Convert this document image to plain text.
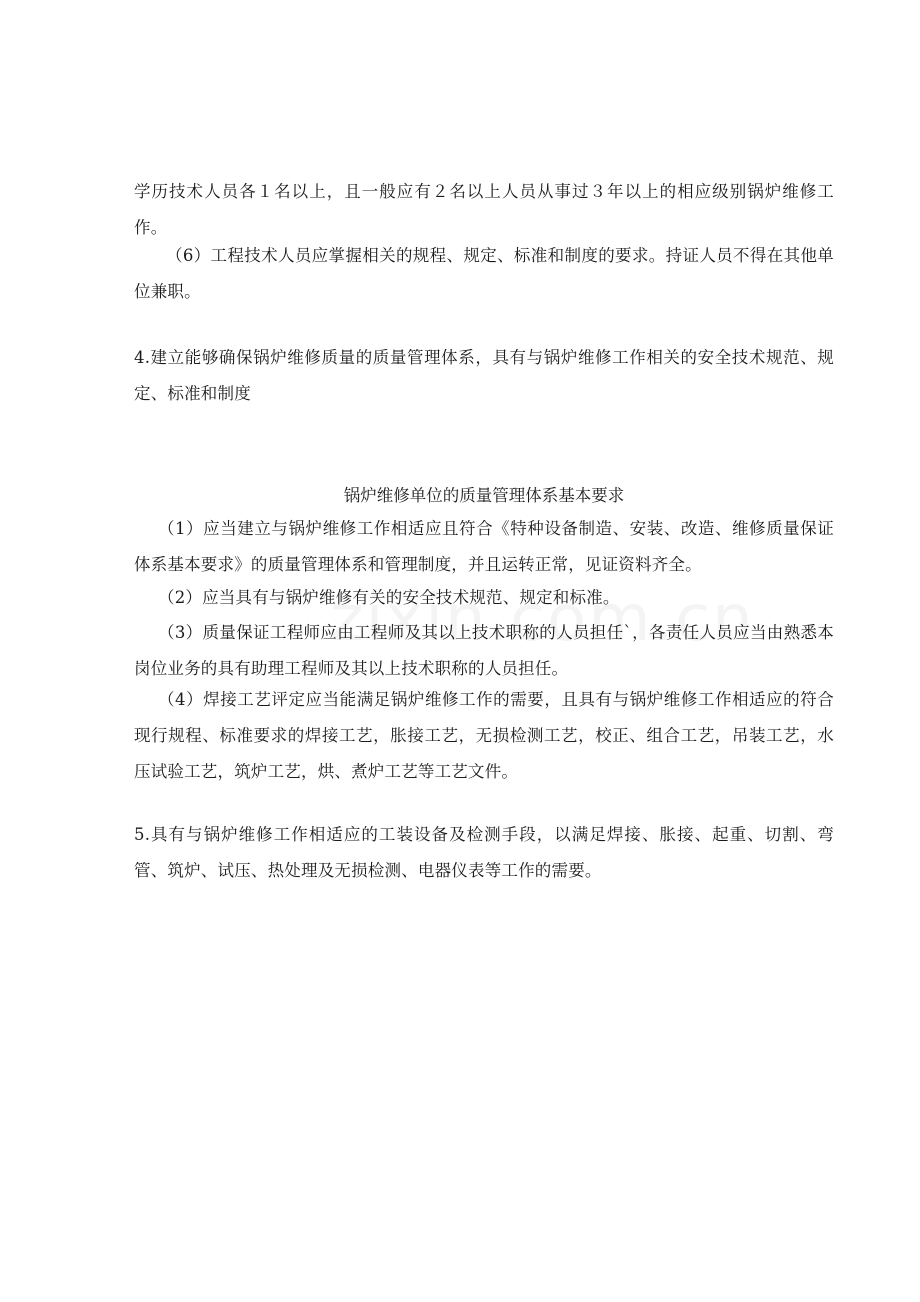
学历技术人员各１名以上，且一般应有２名以上人员从事过３年以上的相应级别锅炉维修工作。
（6）工程技术人员应掌握相关的规程、规定、标准和制度的要求。持证人员不得在其他单位兼职。
4.建立能够确保锅炉维修质量的质量管理体系，具有与锅炉维修工作相关的安全技术规范、规定、标准和制度
锅炉维修单位的质量管理体系基本要求
（1）应当建立与锅炉维修工作相适应且符合《特种设备制造、安装、改造、维修质量保证体系基本要求》的质量管理体系和管理制度，并且运转正常，见证资料齐全。
（2）应当具有与锅炉维修有关的安全技术规范、规定和标准。
（3）质量保证工程师应由工程师及其以上技术职称的人员担任`，各责任人员应当由熟悉本岗位业务的具有助理工程师及其以上技术职称的人员担任。
（4）焊接工艺评定应当能满足锅炉维修工作的需要，且具有与锅炉维修工作相适应的符合现行规程、标准要求的焊接工艺，胀接工艺，无损检测工艺，校正、组合工艺，吊装工艺，水压试验工艺，筑炉工艺，烘、煮炉工艺等工艺文件。
5.具有与锅炉维修工作相适应的工装设备及检测手段，以满足焊接、胀接、起重、切割、弯管、筑炉、试压、热处理及无损检测、电器仪表等工作的需要。
